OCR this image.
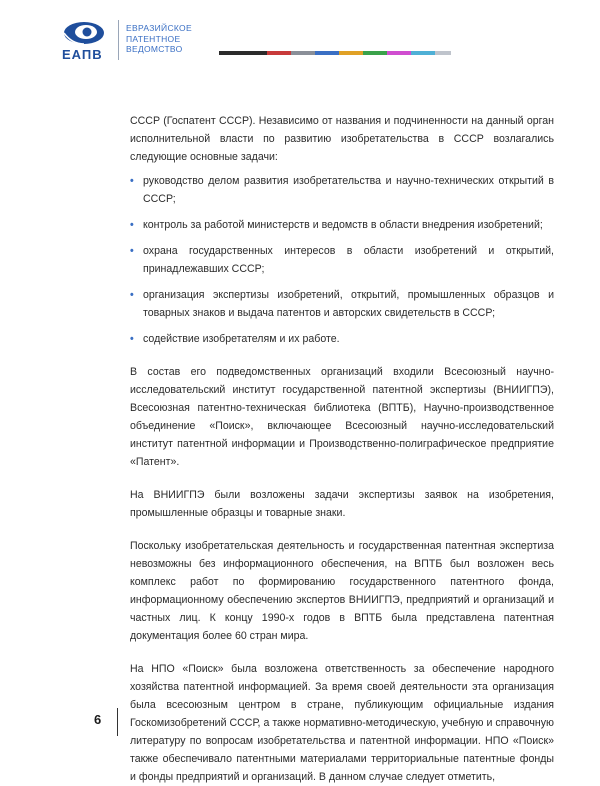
ЕАПВ
ЕВРАЗИЙСКОЕ
ПАТЕНТНОЕ
ВЕДОМСТВО

СССР (Госпатент СССР). Независимо от названия и подчиненности на данный орган исполнительной власти по развитию изобретательства в СССР возлагались следующие основные задачи:

• руководство делом развития изобретательства и научно-технических открытий в СССР;
• контроль за работой министерств и ведомств в области внедрения изобретений;
• охрана государственных интересов в области изобретений и открытий, принадлежавших СССР;
• организация экспертизы изобретений, открытий, промышленных образцов и товарных знаков и выдача патентов и авторских свидетельств в СССР;
• содействие изобретателям и их работе.

В состав его подведомственных организаций входили Всесоюзный научно-исследовательский институт государственной патентной экспертизы (ВНИИГПЭ), Всесоюзная патентно-техническая библиотека (ВПТБ), Научно-производственное объединение «Поиск», включающее Всесоюзный научно-исследовательский институт патентной информации и Производственно-полиграфическое предприятие «Патент».

На ВНИИГПЭ были возложены задачи экспертизы заявок на изобретения, промышленные образцы и товарные знаки.

Поскольку изобретательская деятельность и государственная патентная экспертиза невозможны без информационного обеспечения, на ВПТБ был возложен весь комплекс работ по формированию государственного патентного фонда, информационному обеспечению экспертов ВНИИГПЭ, предприятий и организаций и частных лиц. К концу 1990-х годов в ВПТБ была представлена патентная документация более 60 стран мира.

На НПО «Поиск» была возложена ответственность за обеспечение народного хозяйства патентной информацией. За время своей деятельности эта организация была всесоюзным центром в стране, публикующим официальные издания Госкомизобретений СССР, а также нормативно-методическую, учебную и справочную литературу по вопросам изобретательства и патентной информации. НПО «Поиск» также обеспечивало патентными материалами территориальные патентные фонды и фонды предприятий и организаций. В данном случае следует отметить,

6
